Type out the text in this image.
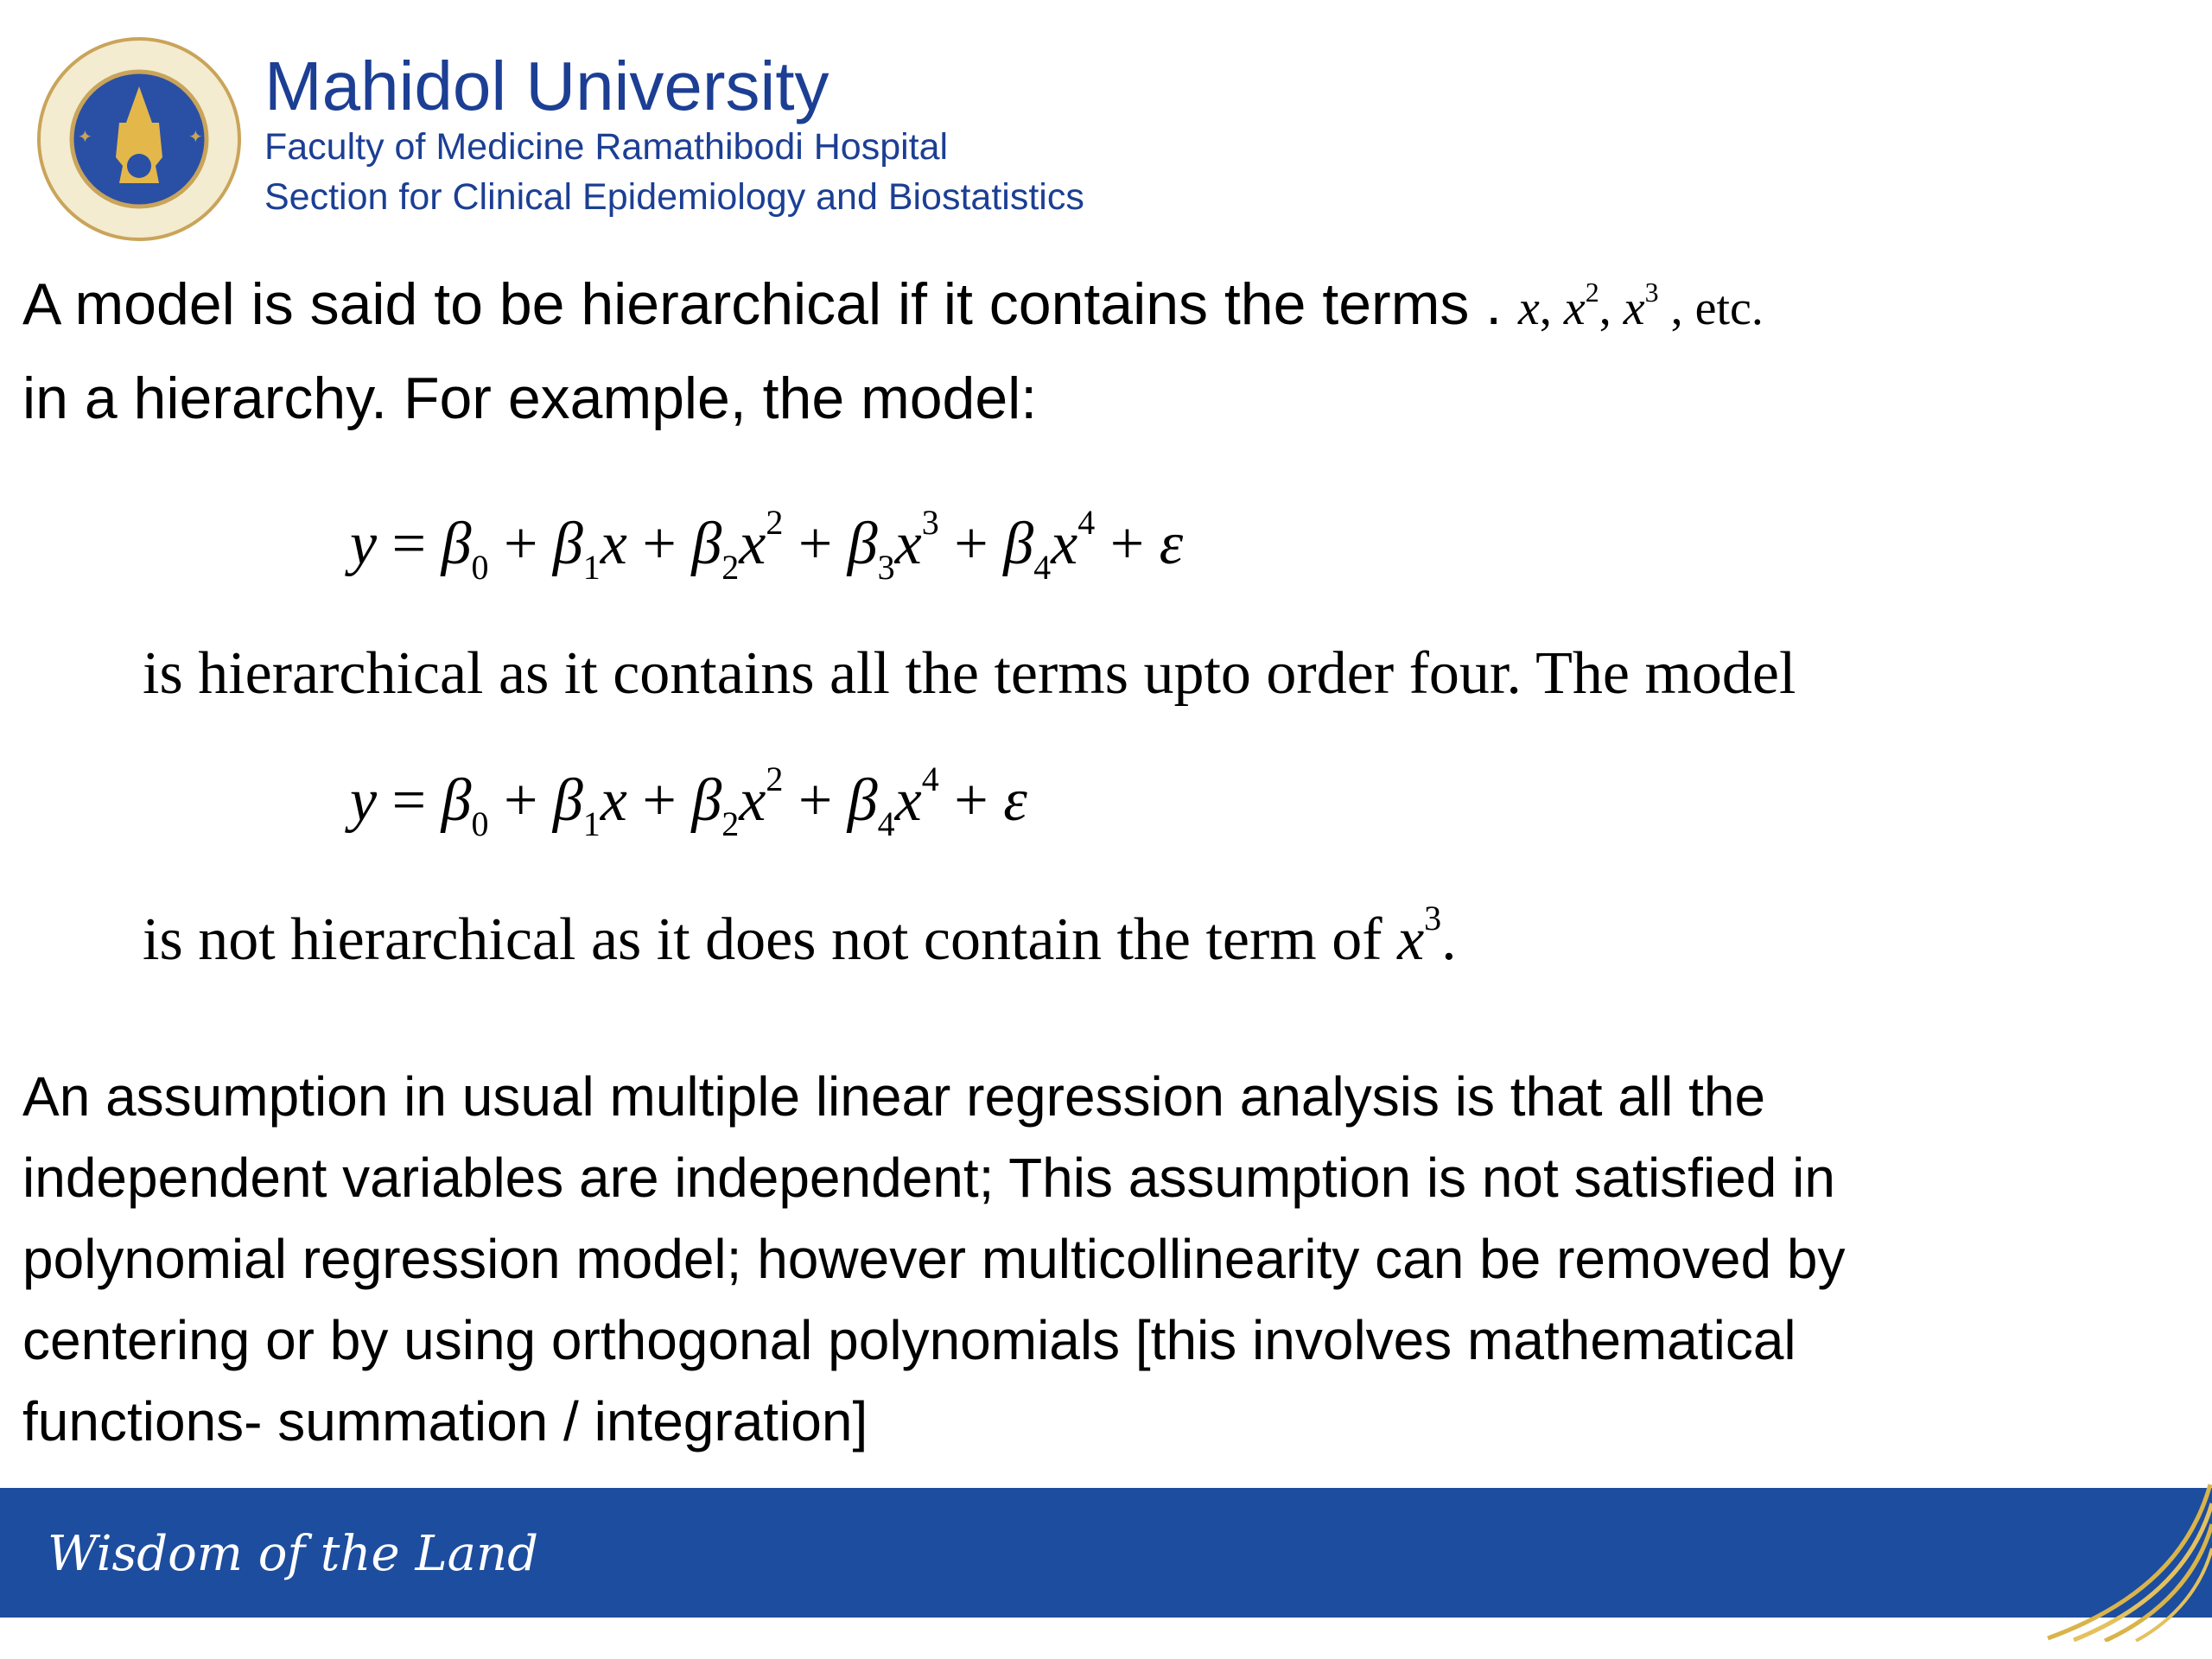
✦	✦
Mahidol University
Faculty of Medicine Ramathibodi Hospital
Section for Clinical Epidemiology and Biostatistics

A model is said to be hierarchical if it contains the terms . x, $x^2$, $x^3$ , etc.
in a hierarchy. For example, the model:

$y = \beta_0 + \beta_1x + \beta_2x^2 + \beta_3x^3 + \beta_4x^4 + \varepsilon$

is hierarchical as it contains all the terms upto order four. The model

$y = \beta_0 + \beta_1x + \beta_2x^2 + \beta_4x^4 + \varepsilon$

is not hierarchical as it does not contain the term of $x^3$.

An assumption in usual multiple linear regression analysis is that all the
independent variables are independent; This assumption is not satisfied in
polynomial regression model; however multicollinearity can be removed by
centering or by using orthogonal polynomials [this involves mathematical
functions- summation / integration]

Wisdom of the Land
